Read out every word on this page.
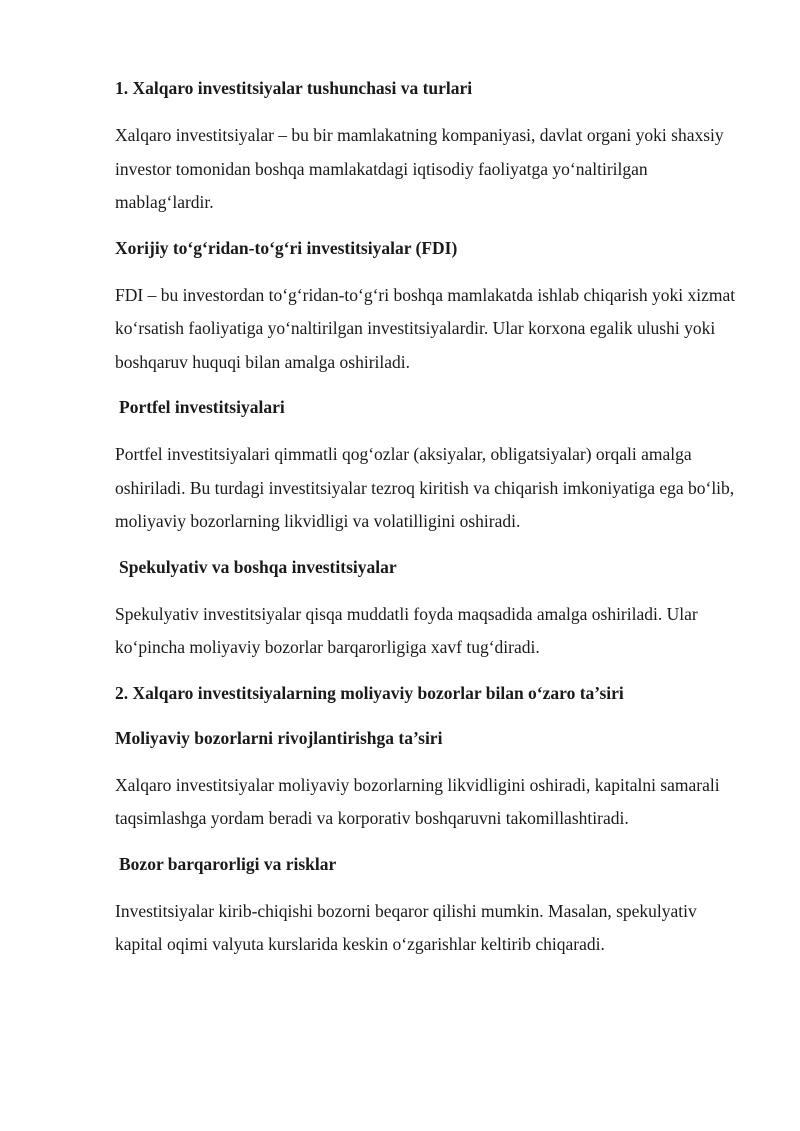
1. Xalqaro investitsiyalar tushunchasi va turlari

Xalqaro investitsiyalar – bu bir mamlakatning kompaniyasi, davlat organi yoki shaxsiy investor tomonidan boshqa mamlakatdagi iqtisodiy faoliyatga yo‘naltirilgan mablag‘lardir.

Xorijiy to‘g‘ridan-to‘g‘ri investitsiyalar (FDI)

FDI – bu investordan to‘g‘ridan-to‘g‘ri boshqa mamlakatda ishlab chiqarish yoki xizmat ko‘rsatish faoliyatiga yo‘naltirilgan investitsiyalardir. Ular korxona egalik ulushi yoki boshqaruv huquqi bilan amalga oshiriladi.

Portfel investitsiyalari

Portfel investitsiyalari qimmatli qog‘ozlar (aksiyalar, obligatsiyalar) orqali amalga oshiriladi. Bu turdagi investitsiyalar tezroq kiritish va chiqarish imkoniyatiga ega bo‘lib, moliyaviy bozorlarning likvidligi va volatilligini oshiradi.

Spekulyativ va boshqa investitsiyalar

Spekulyativ investitsiyalar qisqa muddatli foyda maqsadida amalga oshiriladi. Ular ko‘pincha moliyaviy bozorlar barqarorligiga xavf tug‘diradi.

2. Xalqaro investitsiyalarning moliyaviy bozorlar bilan o‘zaro ta’siri
Moliyaviy bozorlarni rivojlantirishga ta’siri

Xalqaro investitsiyalar moliyaviy bozorlarning likvidligini oshiradi, kapitalni samarali taqsimlashga yordam beradi va korporativ boshqaruvni takomillashtiradi.

Bozor barqarorligi va risklar

Investitsiyalar kirib-chiqishi bozorni beqaror qilishi mumkin. Masalan, spekulyativ kapital oqimi valyuta kurslarida keskin o‘zgarishlar keltirib chiqaradi.
